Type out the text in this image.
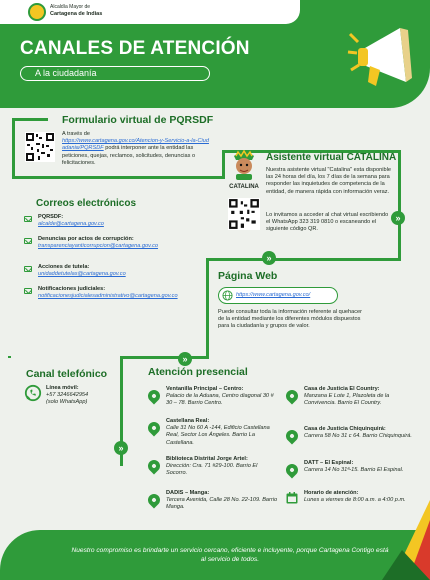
Alcaldía Mayor de
Cartagena de Indias
CANALES DE ATENCIÓN
A la ciudadanía
»
»
»
»
Formulario virtual de PQRSDF
A través de
https://www.cartagena.gov.co/Atencion-y-Servicio-a-la-Ciudadania/PQRSDF podrá interponer ante la entidad las peticiones, quejas, reclamos, solicitudes, denuncias o felicitaciones.	Asistente virtual CATALINA
CATALINA
Nuestra asistente virtual "Catalina" esta disponible las 24 horas del día, los 7 días de la semana para responder las inquietudes de competencia de la entidad, de manera rápida con información veraz.
Lo invitamos a acceder al chat virtual escribiendo el WhatsApp 323 319 0810 o escaneando el siguiente código QR.
Correos electrónicos
PQRSDF:
alcalde@cartagena.gov.co
Denuncias por actos de corrupción:
transparenciayanticorrupcion@cartagena.gov.co
Acciones de tutela:
unidaddetutelas@cartagena.gov.co
Notificaciones judiciales:
notificacionesjudicialesadministrativo@cartagena.gov.co
Página Web
https://www.cartagena.gov.co/
Puede consultar toda la información referente al quehacer de la entidad mediante los diferentes módulos dispuestos para la ciudadanía y grupos de valor.
Canal telefónico
Línea móvil:
+57 3246642954
(solo WhatsApp)
Atención presencial
Ventanilla Principal – Centro:
Palacio de la Aduana, Centro diagonal 30 # 30 – 78. Barrio Centro.
Castellana Real:
Calle 31 No 60 A -144, Edificio Castellana Real, Sector Los Ángeles. Barrio La Castellana.
Biblioteca Distrital Jorge Artel:
Dirección: Cra. 71 #29-100. Barrio El Socorro.
DADIS – Manga:
Tercera Avenida, Calle 28 No. 22-109. Barrio Manga.
Casa de Justicia El Country:
Manzana E Lote 1, Plazoleta de la Convivencia. Barrio El Country.
Casa de Justicia Chiquinquirá:
Carrera 58 No 31 c 64. Barrio Chiquinquirá.
DATT – El Espinal:
Carrera 14 No 31ª-15. Barrio El Espinal.
Horario de atención:
Lunes a viernes de 8:00 a.m. a 4:00 p.m.
Nuestro compromiso es brindarte un servicio cercano, eficiente e incluyente, porque Cartagena Contigo está al servicio de todos.
